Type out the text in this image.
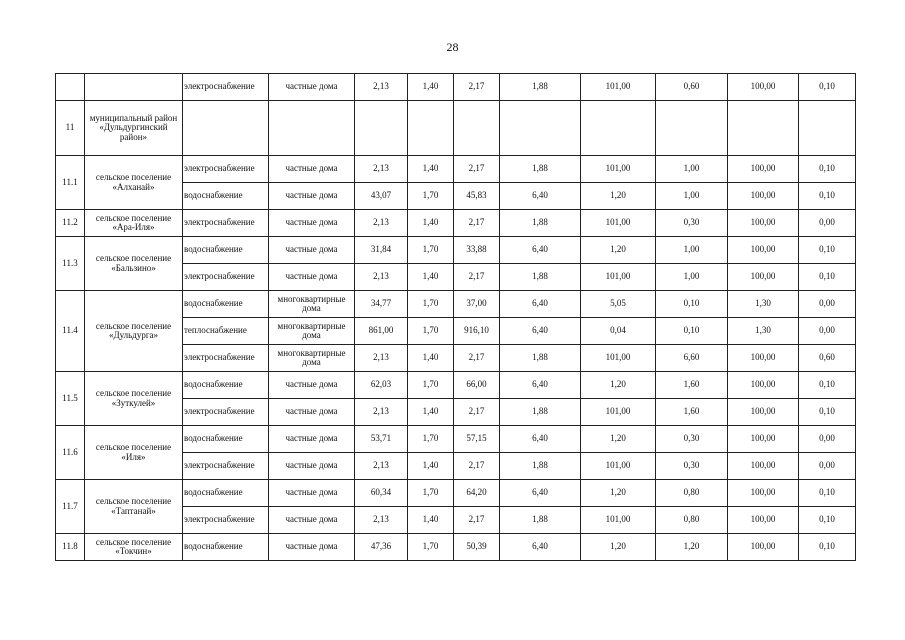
28
		электроснабжение	частные дома	2,13	1,40	2,17	1,88	101,00	0,60	100,00	0,10
11	муниципальный район «Дульдургинский район»										
11.1	сельское поселение «Алханай»	электроснабжение	частные дома	2,13	1,40	2,17	1,88	101,00	1,00	100,00	0,10
		водоснабжение	частные дома	43,07	1,70	45,83	6,40	1,20	1,00	100,00	0,10
11.2	сельское поселение «Ара-Иля»	электроснабжение	частные дома	2,13	1,40	2,17	1,88	101,00	0,30	100,00	0,00
11.3	сельское поселение «Бальзино»	водоснабжение	частные дома	31,84	1,70	33,88	6,40	1,20	1,00	100,00	0,10
		электроснабжение	частные дома	2,13	1,40	2,17	1,88	101,00	1,00	100,00	0,10
11.4	сельское поселение «Дульдурга»	водоснабжение	многоквартирные дома	34,77	1,70	37,00	6,40	5,05	0,10	1,30	0,00
		теплоснабжение	многоквартирные дома	861,00	1,70	916,10	6,40	0,04	0,10	1,30	0,00
		электроснабжение	многоквартирные дома	2,13	1,40	2,17	1,88	101,00	6,60	100,00	0,60
11.5	сельское поселение «Зуткулей»	водоснабжение	частные дома	62,03	1,70	66,00	6,40	1,20	1,60	100,00	0,10
		электроснабжение	частные дома	2,13	1,40	2,17	1,88	101,00	1,60	100,00	0,10
11.6	сельское поселение «Иля»	водоснабжение	частные дома	53,71	1,70	57,15	6,40	1,20	0,30	100,00	0,00
		электроснабжение	частные дома	2,13	1,40	2,17	1,88	101,00	0,30	100,00	0,00
11.7	сельское поселение «Таптанай»	водоснабжение	частные дома	60,34	1,70	64,20	6,40	1,20	0,80	100,00	0,10
		электроснабжение	частные дома	2,13	1,40	2,17	1,88	101,00	0,80	100,00	0,10
11.8	сельское поселение «Токчин»	водоснабжение	частные дома	47,36	1,70	50,39	6,40	1,20	1,20	100,00	0,10
